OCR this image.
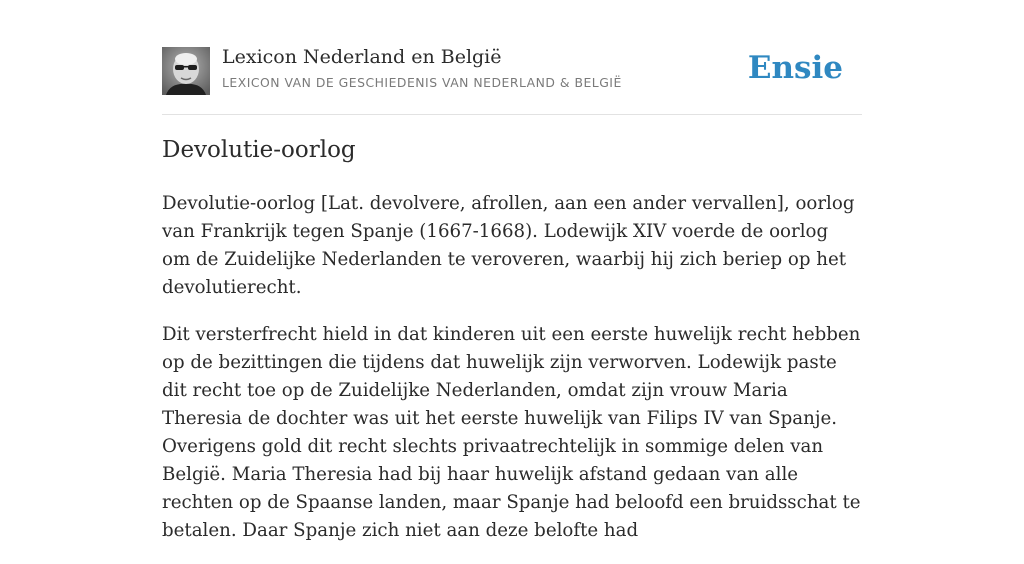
Lexicon Nederland en België
LEXICON VAN DE GESCHIEDENIS VAN NEDERLAND & BELGIË	Ensie
Devolutie-oorlog

Devolutie-oorlog [Lat. devolvere, afrollen, aan een ander vervallen], oorlog van Frankrijk tegen Spanje (1667-1668). Lodewijk XIV voerde de oorlog om de Zuidelijke Nederlanden te veroveren, waarbij hij zich beriep op het devolutierecht.

Dit versterfrecht hield in dat kinderen uit een eerste huwelijk recht hebben op de bezittingen die tijdens dat huwelijk zijn verworven. Lodewijk paste dit recht toe op de Zuidelijke Nederlanden, omdat zijn vrouw Maria Theresia de dochter was uit het eerste huwelijk van Filips IV van Spanje. Overigens gold dit recht slechts privaatrechtelijk in sommige delen van België. Maria Theresia had bij haar huwelijk afstand gedaan van alle rechten op de Spaanse landen, maar Spanje had beloofd een bruidsschat te betalen. Daar Spanje zich niet aan deze belofte had
